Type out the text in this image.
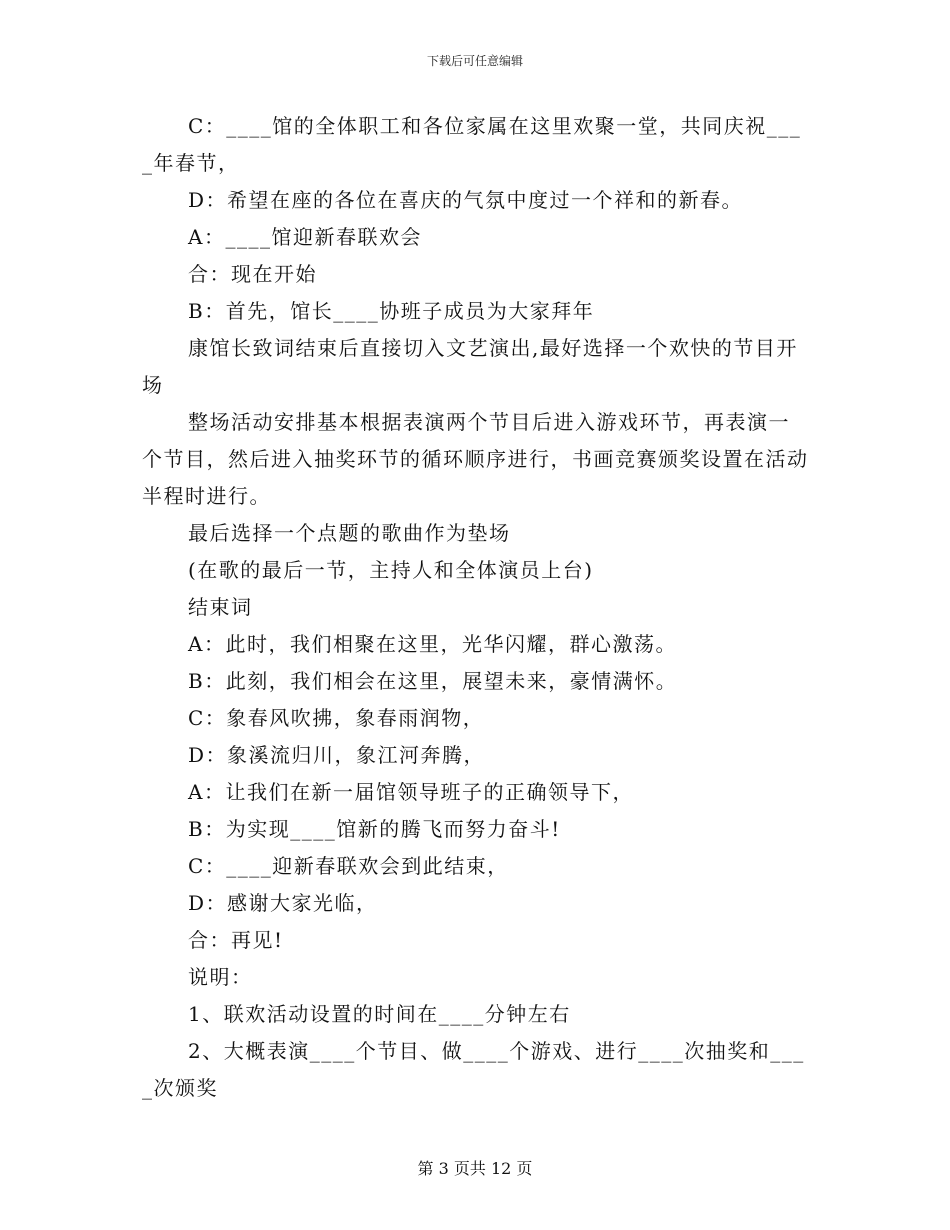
下载后可任意编辑

C：____馆的全体职工和各位家属在这里欢聚一堂，共同庆祝____年春节，

D：希望在座的各位在喜庆的气氛中度过一个祥和的新春。

A：____馆迎新春联欢会

合：现在开始

B：首先，馆长____协班子成员为大家拜年

康馆长致词结束后直接切入文艺演出,最好选择一个欢快的节目开场

整场活动安排基本根据表演两个节目后进入游戏环节，再表演一个节目，然后进入抽奖环节的循环顺序进行，书画竞赛颁奖设置在活动半程时进行。

最后选择一个点题的歌曲作为垫场

(在歌的最后一节，主持人和全体演员上台)

结束词

A：此时，我们相聚在这里，光华闪耀，群心激荡。

B：此刻，我们相会在这里，展望未来，豪情满怀。

C：象春风吹拂，象春雨润物，

D：象溪流归川，象江河奔腾，

A：让我们在新一届馆领导班子的正确领导下，

B：为实现____馆新的腾飞而努力奋斗!

C：____迎新春联欢会到此结束，

D：感谢大家光临，

合：再见!

说明：

1、联欢活动设置的时间在____分钟左右

2、大概表演____个节目、做____个游戏、进行____次抽奖和____次颁奖

第 3 页共 12 页
